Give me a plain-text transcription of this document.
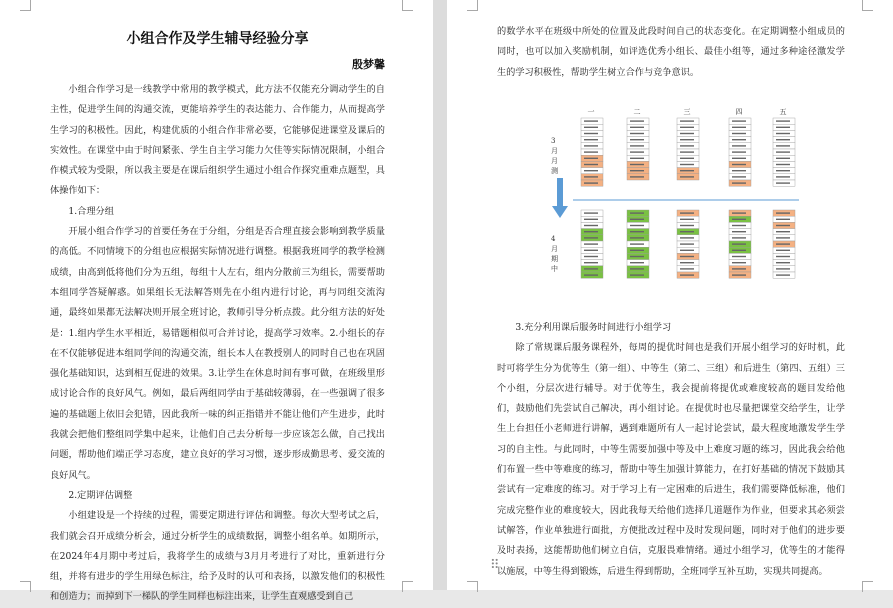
小组合作及学生辅导经验分享
殷梦馨

小组合作学习是一线教学中常用的教学模式，此方法不仅能充分调动学生的自主性，促进学生间的沟通交流，更能培养学生的表达能力、合作能力，从而提高学生学习的积极性。因此，构建优质的小组合作非常必要，它能够促进课堂及课后的实效性。在课堂中由于时间紧张、学生自主学习能力欠佳等实际情况限制，小组合作模式较为受限，所以我主要是在课后组织学生通过小组合作探究重难点题型，具体操作如下：

1.合理分组

开展小组合作学习的首要任务在于分组，分组是否合理直接会影响到教学质量的高低。不同情境下的分组也应根据实际情况进行调整。根据我班同学的教学检测成绩，由高到低将他们分为五组，每组十人左右，组内分散前三为组长，需要帮助本组同学答疑解惑。如果组长无法解答则先在小组内进行讨论，再与同组交流沟通，最终如果都无法解决则开展全班讨论，教师引导分析点拨。此分组方法的好处是：1.组内学生水平相近，易错题相似可合并讨论，提高学习效率。2.小组长的存在不仅能够促进本组同学间的沟通交流，组长本人在教授别人的同时自己也在巩固强化基础知识，达到相互促进的效果。3.让学生在休息时间有事可做，在班级里形成讨论合作的良好风气。例如，最后两组同学由于基础较薄弱，在一些强调了很多遍的基础题上依旧会犯错，因此我所一味的纠正指错并不能让他们产生进步，此时我就会把他们整组同学集中起来，让他们自己去分析每一步应该怎么做，自己找出问题，帮助他们端正学习态度，建立良好的学习习惯，逐步形成勤思考、爱交流的良好风气。

2.定期评估调整

小组建设是一个持续的过程，需要定期进行评估和调整。每次大型考试之后，我们就会召开成绩分析会，通过分析学生的成绩数据，调整小组名单。如期所示，在2024年4月期中考过后，我将学生的成绩与3月月考进行了对比，重新进行分组，并将有进步的学生用绿色标注，给予及时的认可和表扬，以激发他们的积极性和创造力；而掉到下一梯队的学生同样也标注出来，让学生直观感受到自己

的数学水平在班级中所处的位置及此段时间自己的状态变化。在定期调整小组成员的同时，也可以加入奖励机制，如评选优秀小组长、最佳小组等，通过多种途径激发学生的学习积极性，帮助学生树立合作与竞争意识。

一	二	三	四	五
3月月测
4月期中

3.充分利用课后服务时间进行小组学习

除了常规课后服务课程外，每周的提优时间也是我们开展小组学习的好时机，此时可将学生分为优等生（第一组）、中等生（第二、三组）和后进生（第四、五组）三个小组，分层次进行辅导。对于优等生，我会提前将提优或难度较高的题目发给他们，鼓励他们先尝试自己解决，再小组讨论。在提优时也尽量把课堂交给学生，让学生上台担任小老师进行讲解，遇到难题所有人一起讨论尝试，最大程度地激发学生学习的自主性。与此同时，中等生需要加强中等及中上难度习题的练习，因此我会给他们布置一些中等难度的练习，帮助中等生加强计算能力，在打好基础的情况下鼓励其尝试有一定难度的练习。对于学习上有一定困难的后进生，我们需要降低标准，他们完成完整作业的难度较大，因此我每天给他们选择几道题作为作业，但要求其必须尝试解答，作业单独进行面批，方便批改过程中及时发现问题，同时对于他们的进步要及时表扬，这能帮助他们树立自信，克服畏难情绪。通过小组学习，优等生的才能得以施展，中等生得到锻炼，后进生得到帮助，全班同学互补互助，实现共同提高。

⠿
